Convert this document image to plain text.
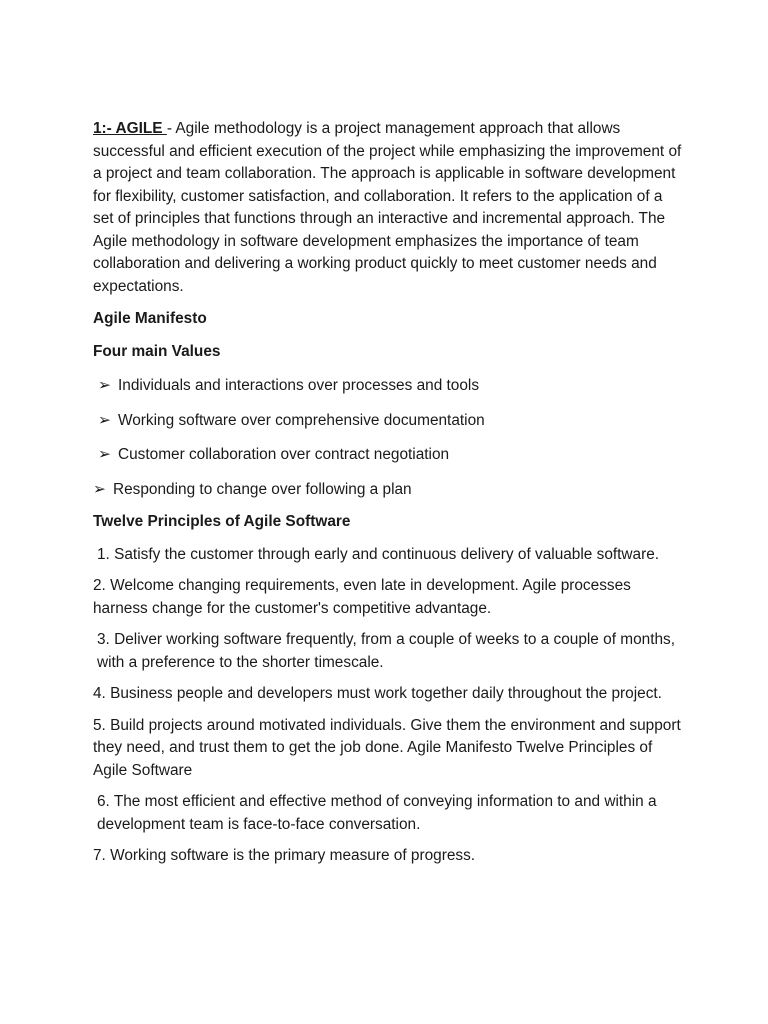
1:- AGILE - Agile methodology is a project management approach that allows successful and efficient execution of the project while emphasizing the improvement of a project and team collaboration. The approach is applicable in software development for flexibility, customer satisfaction, and collaboration. It refers to the application of a set of principles that functions through an interactive and incremental approach. The Agile methodology in software development emphasizes the importance of team collaboration and delivering a working product quickly to meet customer needs and expectations.

Agile Manifesto
Four main Values
➢ Individuals and interactions over processes and tools
➢ Working software over comprehensive documentation
➢ Customer collaboration over contract negotiation
➢ Responding to change over following a plan
Twelve Principles of Agile Software

1. Satisfy the customer through early and continuous delivery of valuable software.

2. Welcome changing requirements, even late in development. Agile processes harness change for the customer's competitive advantage.

3. Deliver working software frequently, from a couple of weeks to a couple of months, with a preference to the shorter timescale.

4. Business people and developers must work together daily throughout the project.

5. Build projects around motivated individuals. Give them the environment and support they need, and trust them to get the job done. Agile Manifesto Twelve Principles of Agile Software

6. The most efficient and effective method of conveying information to and within a development team is face-to-face conversation.

7. Working software is the primary measure of progress.
